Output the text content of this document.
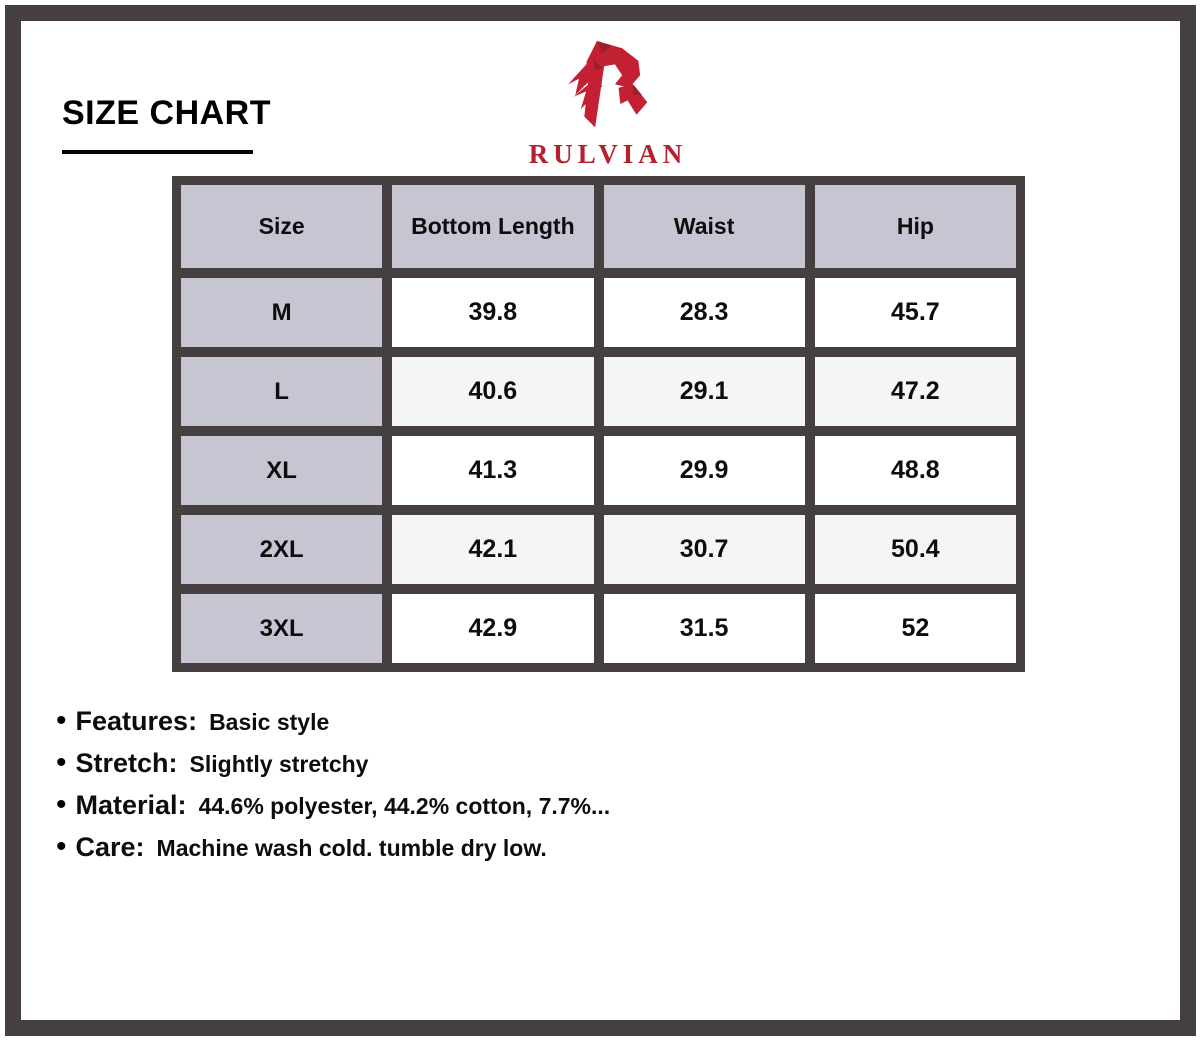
SIZE CHART
RULVIAN
Size	Bottom Length	Waist	Hip
M	39.8	28.3	45.7
L	40.6	29.1	47.2
XL	41.3	29.9	48.8
2XL	42.1	30.7	50.4
3XL	42.9	31.5	52
• Features: Basic style
• Stretch: Slightly stretchy
• Material: 44.6% polyester, 44.2% cotton, 7.7%...
• Care: Machine wash cold. tumble dry low.
